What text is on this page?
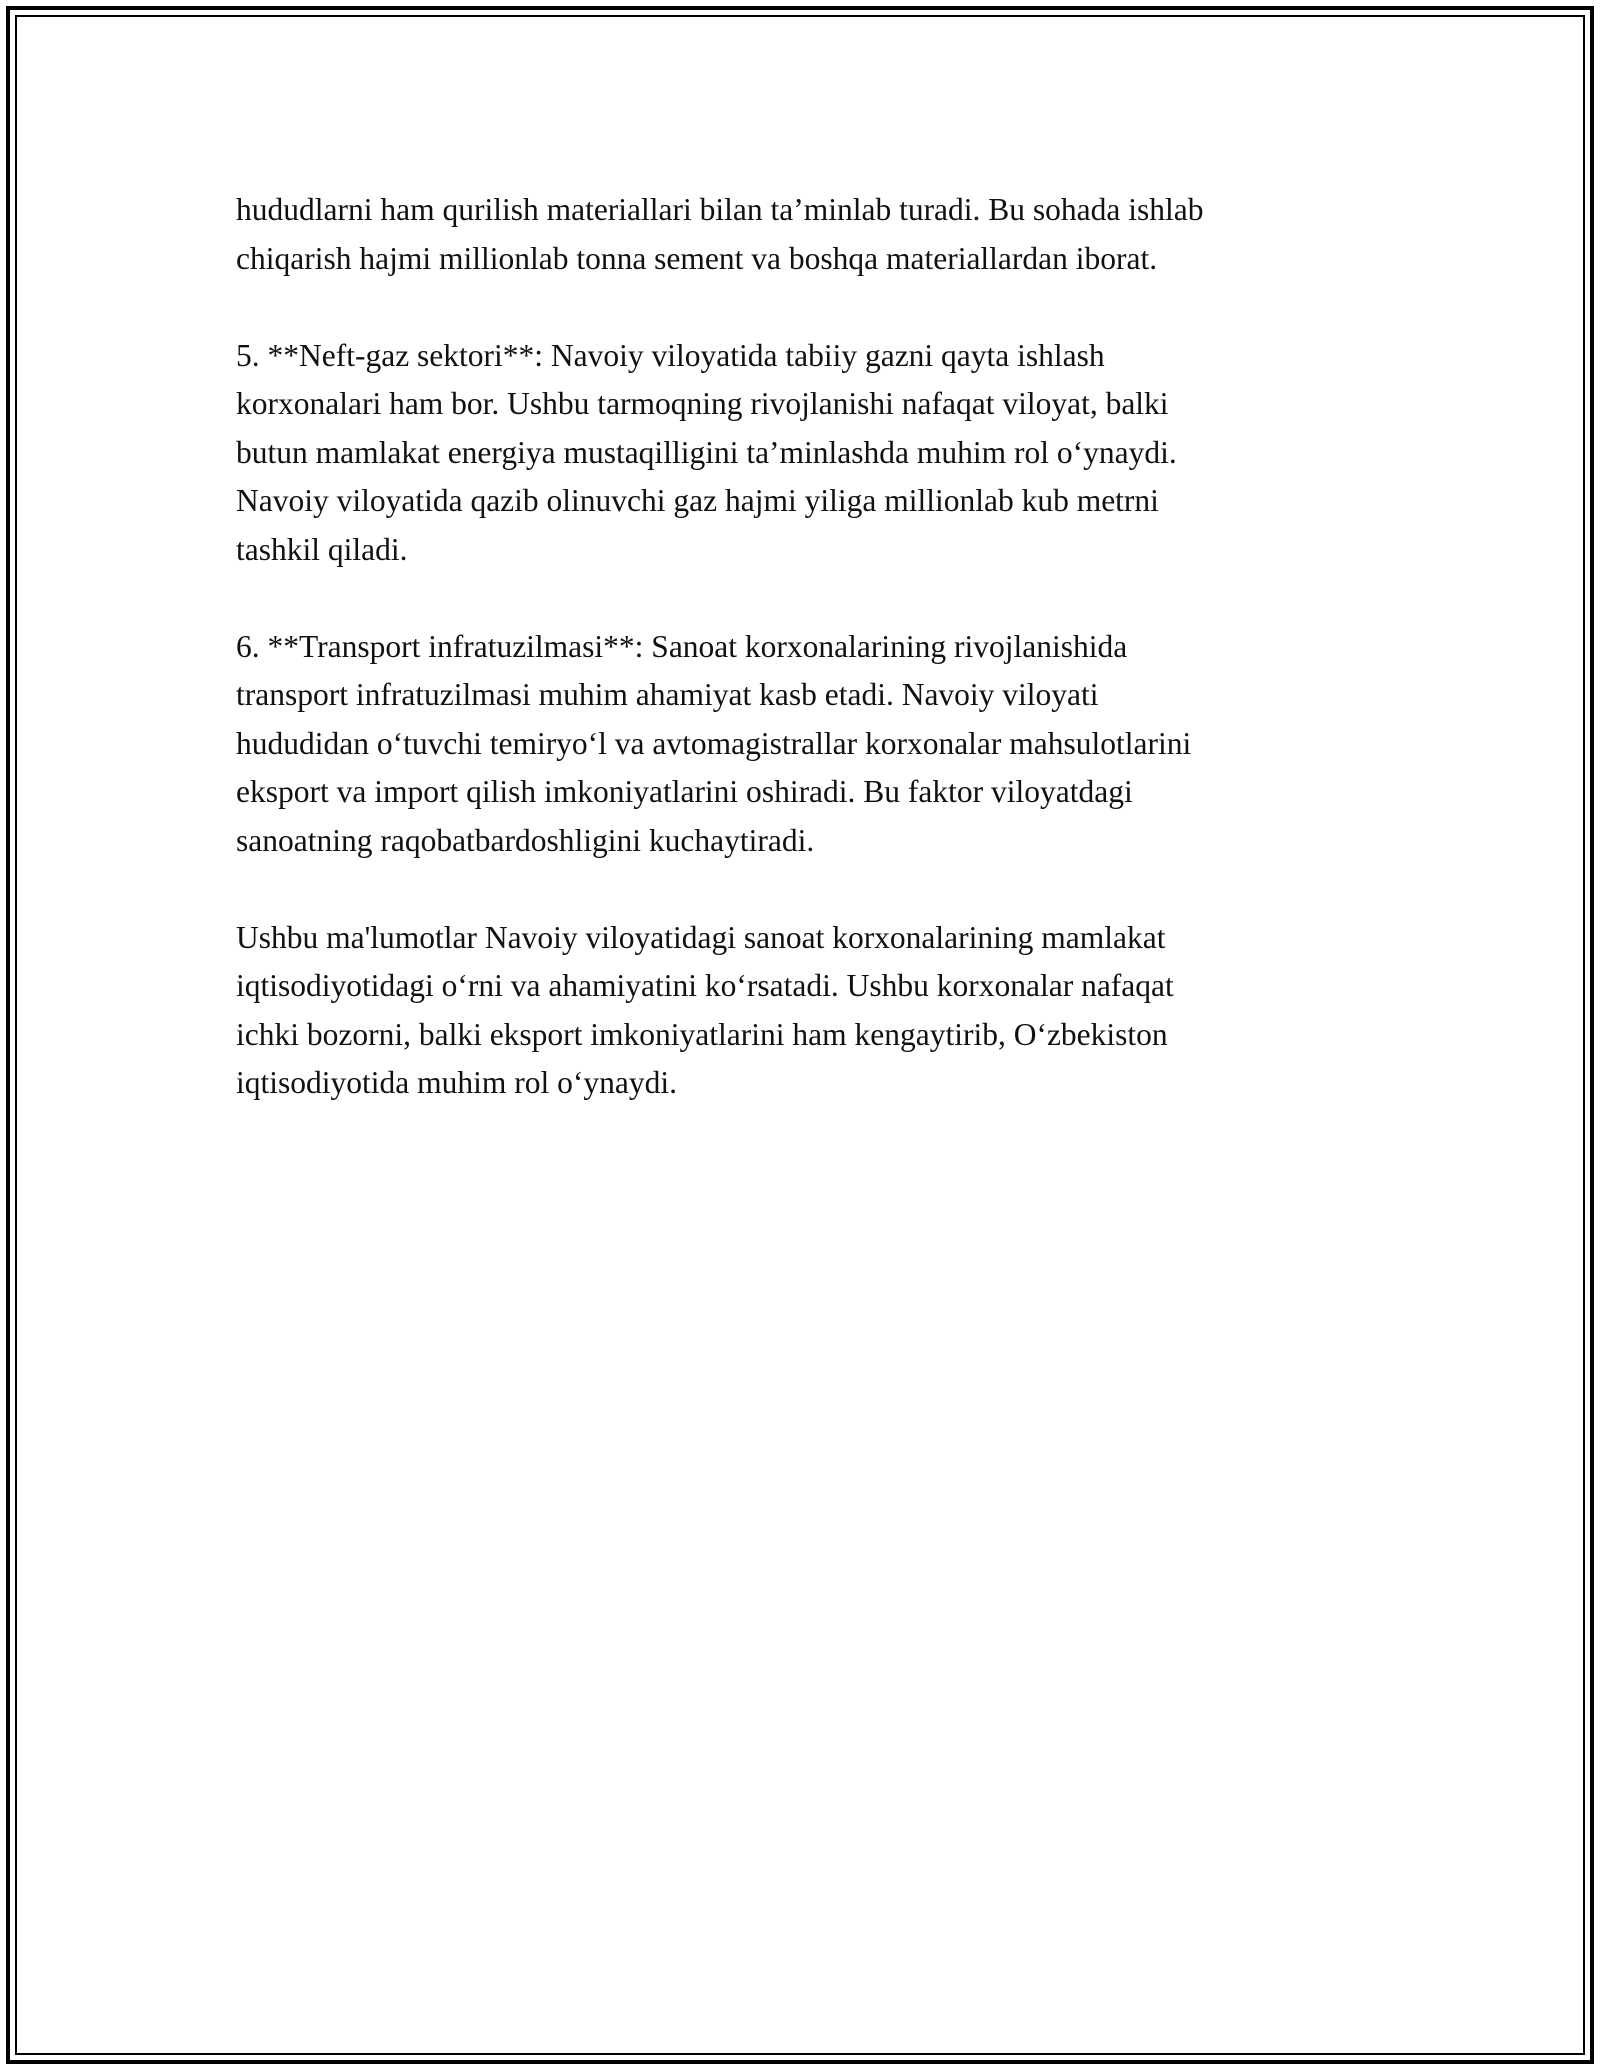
hududlarni ham qurilish materiallari bilan ta’minlab turadi. Bu sohada ishlab
chiqarish hajmi millionlab tonna sement va boshqa materiallardan iborat.

5. **Neft-gaz sektori**: Navoiy viloyatida tabiiy gazni qayta ishlash
korxonalari ham bor. Ushbu tarmoqning rivojlanishi nafaqat viloyat, balki
butun mamlakat energiya mustaqilligini ta’minlashda muhim rol o‘ynaydi.
Navoiy viloyatida qazib olinuvchi gaz hajmi yiliga millionlab kub metrni
tashkil qiladi.

6. **Transport infratuzilmasi**: Sanoat korxonalarining rivojlanishida
transport infratuzilmasi muhim ahamiyat kasb etadi. Navoiy viloyati
hududidan o‘tuvchi temiryo‘l va avtomagistrallar korxonalar mahsulotlarini
eksport va import qilish imkoniyatlarini oshiradi. Bu faktor viloyatdagi
sanoatning raqobatbardoshligini kuchaytiradi.

Ushbu ma'lumotlar Navoiy viloyatidagi sanoat korxonalarining mamlakat
iqtisodiyotidagi o‘rni va ahamiyatini ko‘rsatadi. Ushbu korxonalar nafaqat
ichki bozorni, balki eksport imkoniyatlarini ham kengaytirib, O‘zbekiston
iqtisodiyotida muhim rol o‘ynaydi.
